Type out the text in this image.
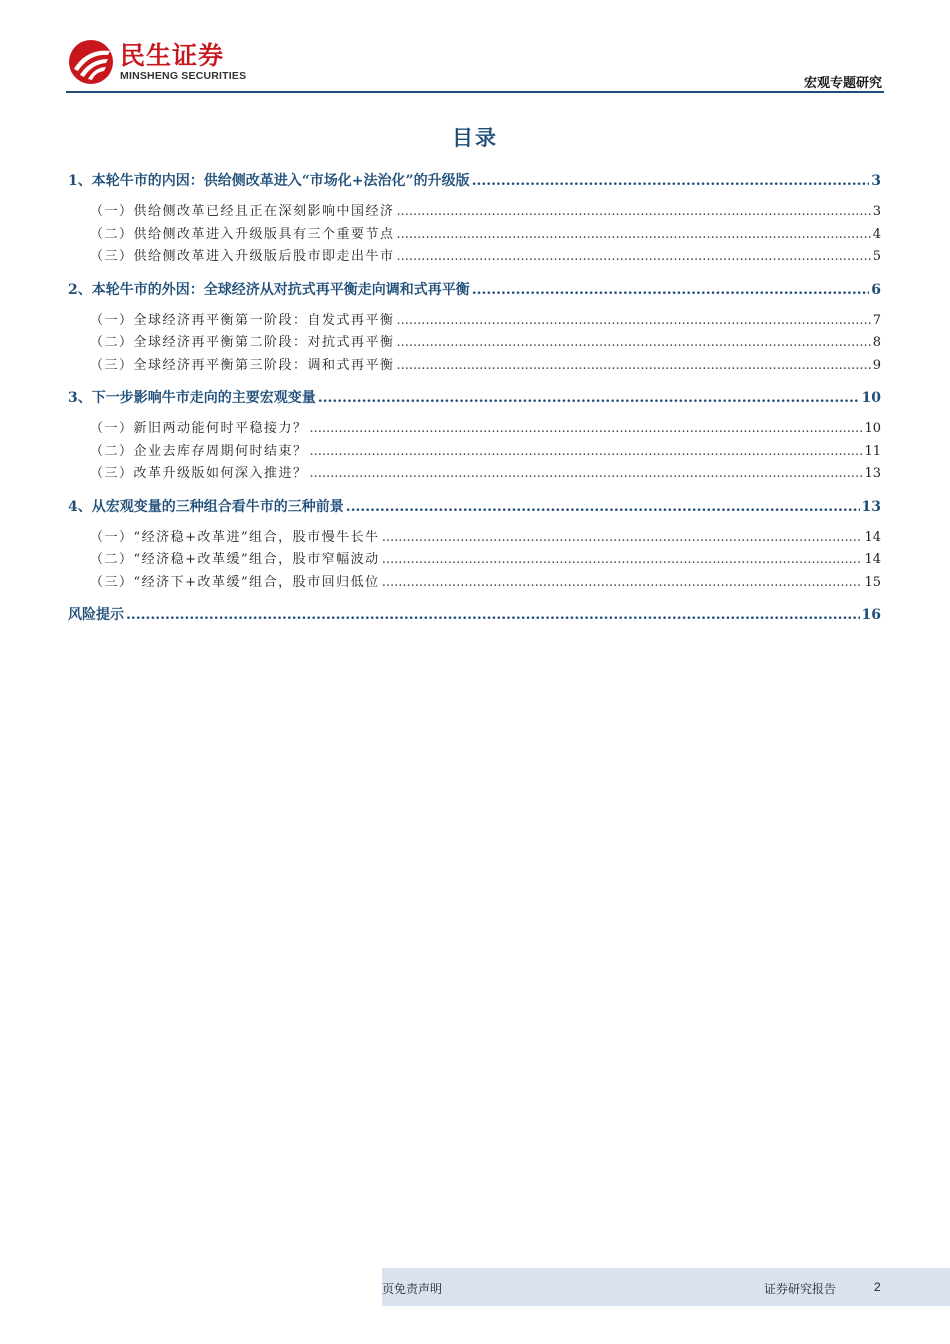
民生证券
MINSHENG SECURITIES	宏观专题研究
目录
1、本轮牛市的内因：供给侧改革进入“市场化+法治化”的升级版 .....	3
（一）供给侧改革已经且正在深刻影响中国经济 .....	3
（二）供给侧改革进入升级版具有三个重要节点 .....	4
（三）供给侧改革进入升级版后股市即走出牛市 .....	5
2、本轮牛市的外因：全球经济从对抗式再平衡走向调和式再平衡 .....	6
（一）全球经济再平衡第一阶段：自发式再平衡 .....	7
（二）全球经济再平衡第二阶段：对抗式再平衡 .....	8
（三）全球经济再平衡第三阶段：调和式再平衡 .....	9
3、下一步影响牛市走向的主要宏观变量 .....	10
（一）新旧两动能何时平稳接力？ .....	10
（二）企业去库存周期何时结束？ .....	11
（三）改革升级版如何深入推进？ .....	13
4、从宏观变量的三种组合看牛市的三种前景 .....	13
（一）“经济稳+改革进”组合，股市慢牛长牛 .....	14
（二）“经济稳+改革缓”组合，股市窄幅波动 .....	14
（三）“经济下+改革缓”组合，股市回归低位 .....	15
风险提示 .....	16
页免责声明	证券研究报告	2
